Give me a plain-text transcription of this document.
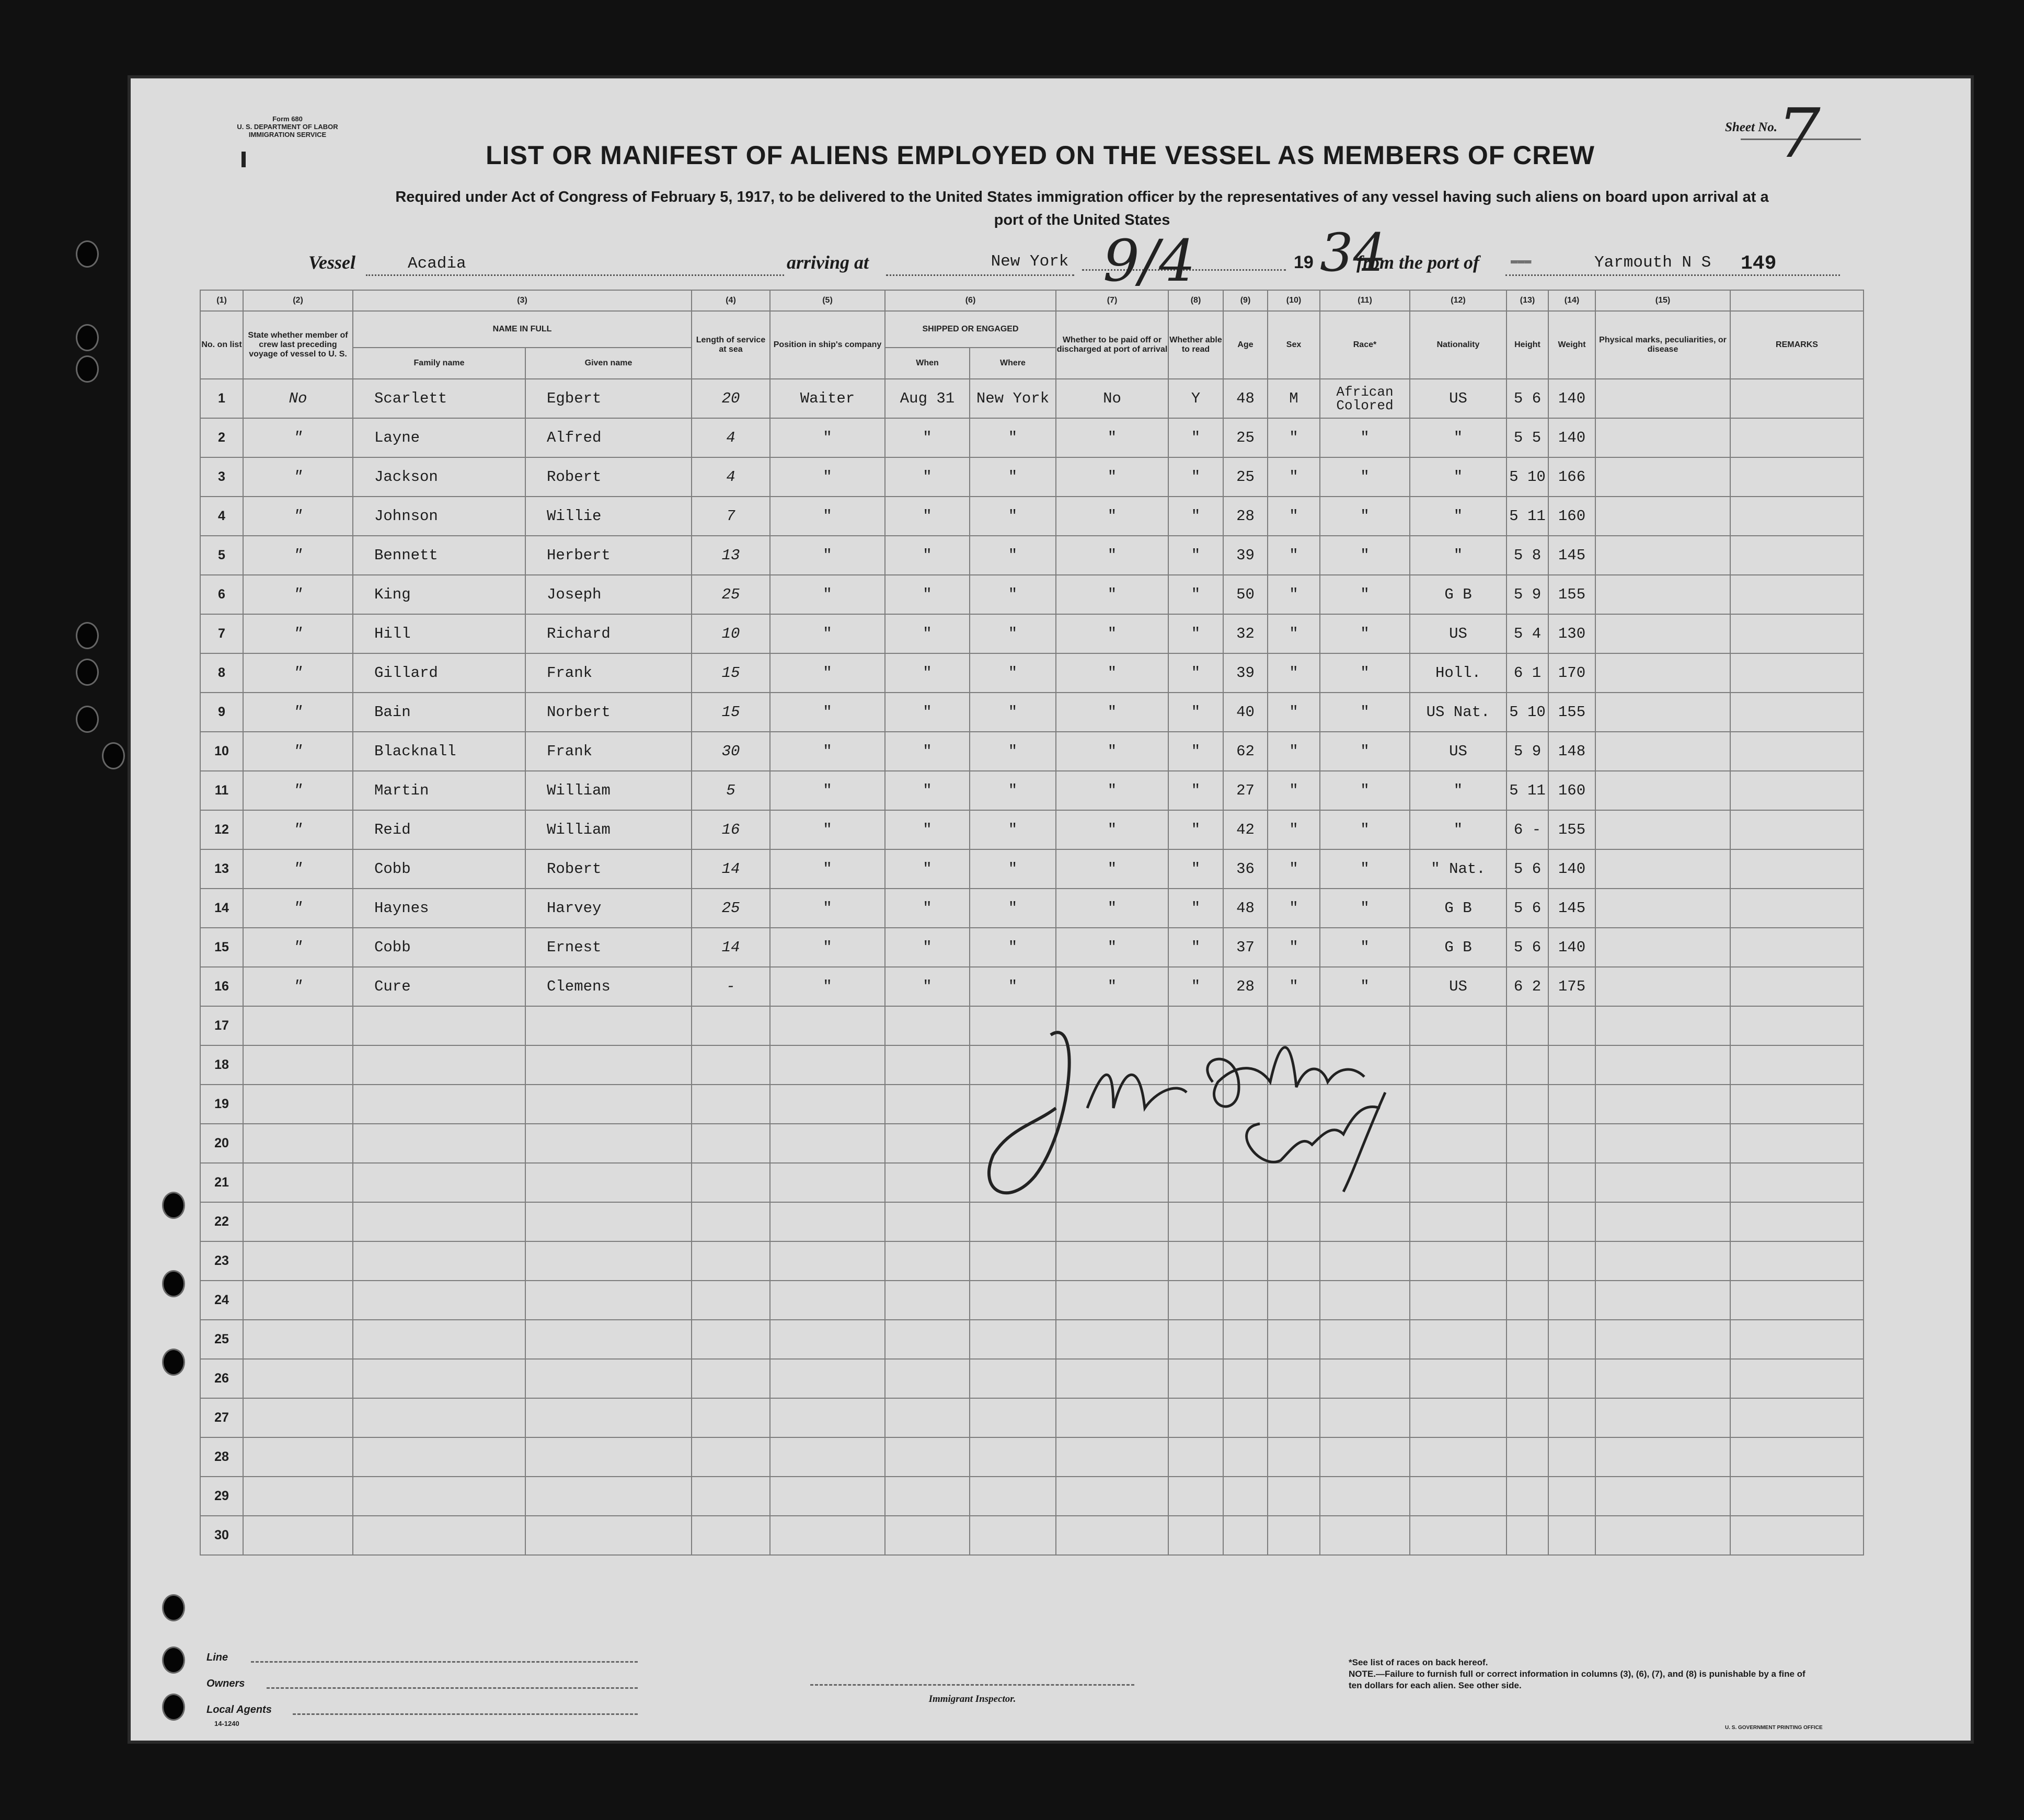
Form 680
U. S. DEPARTMENT OF LABOR
IMMIGRATION SERVICE
LIST OR MANIFEST OF ALIENS EMPLOYED ON THE VESSEL AS MEMBERS OF CREW
Sheet No. 7
Required under Act of Congress of February 5, 1917, to be delivered to the United States immigration officer by the representatives of any vessel having such aliens on board upon arrival at a
port of the United States
Vessel	Acadia	arriving at	New York 9/4	19 34
from the port of	▬▬▬	Yarmouth N S 149
(1)	(2)	(3)		(4)	(5)	(6)		(7)	(8)	(9)	(10)	(11)	(12)	(13)	(14)	(15)	
No. on list	State whether member of crew last preceding voyage of vessel to U. S.	NAME IN FULL		Length of service at sea	Position in ship's company	SHIPPED OR ENGAGED		Whether to be paid off or discharged at port of arrival	Whether able to read	Age	Sex	Race*	Nationality	Height	Weight	Physical marks, peculiarities, or disease	REMARKS
		Family name	Given name			When	Where										
1	No	Scarlett	Egbert	20	Waiter	Aug 31	New York	No	Y	48	M	African Colored	US	5 6	140		
2	"	Layne	Alfred	4	"	"	"	"	"	25	"	"	"	5 5	140		
3	"	Jackson	Robert	4	"	"	"	"	"	25	"	"	"	5 10	166		
4	"	Johnson	Willie	7	"	"	"	"	"	28	"	"	"	5 11	160		
5	"	Bennett	Herbert	13	"	"	"	"	"	39	"	"	"	5 8	145		
6	"	King	Joseph	25	"	"	"	"	"	50	"	"	G B	5 9	155		
7	"	Hill	Richard	10	"	"	"	"	"	32	"	"	US	5 4	130		
8	"	Gillard	Frank	15	"	"	"	"	"	39	"	"	Holl.	6 1	170		
9	"	Bain	Norbert	15	"	"	"	"	"	40	"	"	US Nat.	5 10	155		
10	"	Blacknall	Frank	30	"	"	"	"	"	62	"	"	US	5 9	148		
11	"	Martin	William	5	"	"	"	"	"	27	"	"	"	5 11	160		
12	"	Reid	William	16	"	"	"	"	"	42	"	"	"	6 -	155		
13	"	Cobb	Robert	14	"	"	"	"	"	36	"	"	" Nat.	5 6	140		
14	"	Haynes	Harvey	25	"	"	"	"	"	48	"	"	G B	5 6	145		
15	"	Cobb	Ernest	14	"	"	"	"	"	37	"	"	G B	5 6	140		
16	"	Cure	Clemens	-	"	"	"	"	"	28	"	"	US	6 2	175		
17																	
18																	
19																	
20																	
21																	
22																	
23																	
24																	
25																	
26																	
27																	
28																	
29																	
30																	
Line
Owners
Local Agents
14-1240
Immigrant Inspector.
*See list of races on back hereof.
NOTE.—Failure to furnish full or correct information in columns (3), (6), (7), and (8) is punishable by a fine of ten dollars for each alien. See other side.
U. S. GOVERNMENT PRINTING OFFICE
